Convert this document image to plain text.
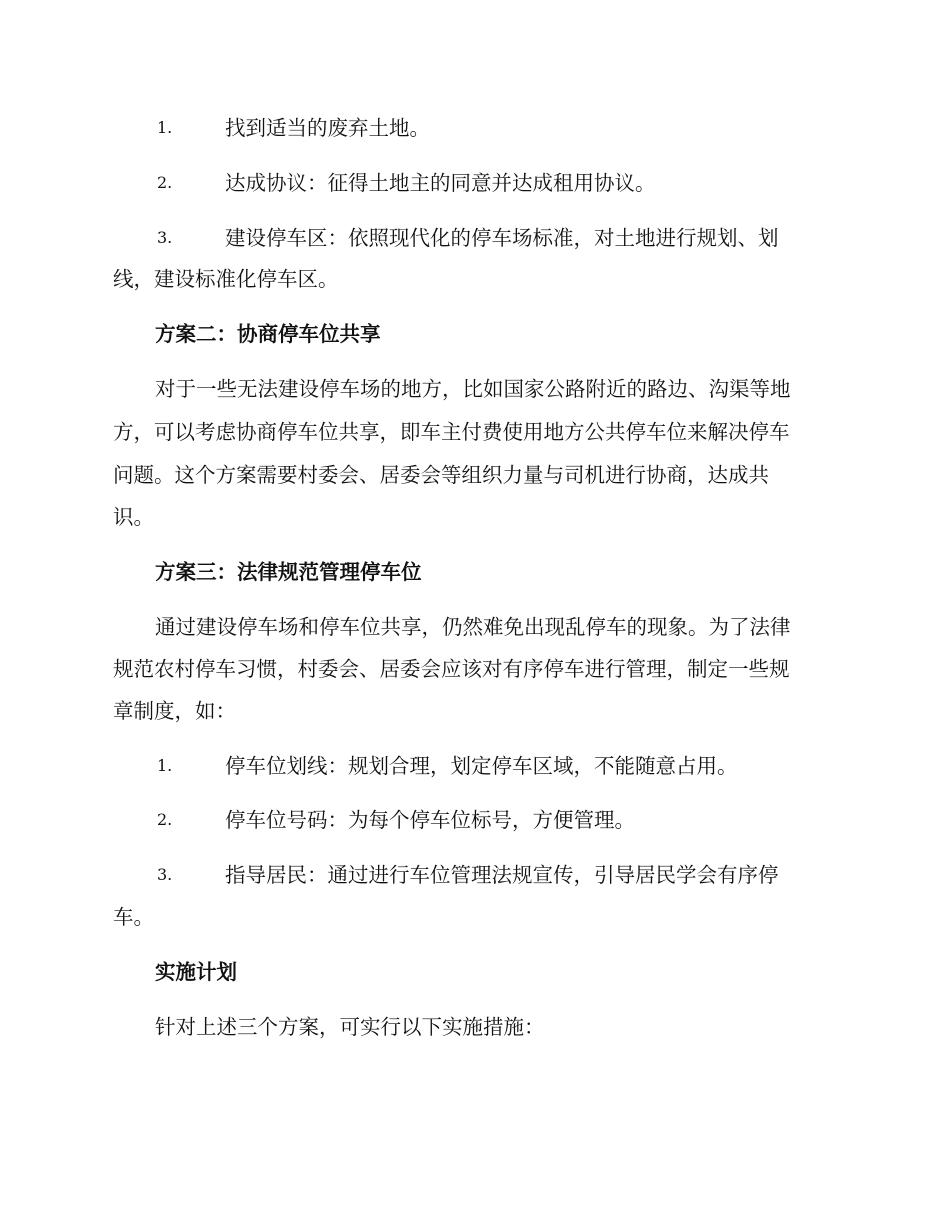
1.	找到适当的废弃土地。
2.	达成协议：征得土地主的同意并达成租用协议。
3.	建设停车区：依照现代化的停车场标准，对土地进行规划、划
线，建设标准化停车区。
方案二：协商停车位共享
对于一些无法建设停车场的地方，比如国家公路附近的路边、沟渠等地
方，可以考虑协商停车位共享，即车主付费使用地方公共停车位来解决停车
问题。这个方案需要村委会、居委会等组织力量与司机进行协商，达成共
识。
方案三：法律规范管理停车位
通过建设停车场和停车位共享，仍然难免出现乱停车的现象。为了法律
规范农村停车习惯，村委会、居委会应该对有序停车进行管理，制定一些规
章制度，如：
1.	停车位划线：规划合理，划定停车区域，不能随意占用。
2.	停车位号码：为每个停车位标号，方便管理。
3.	指导居民：通过进行车位管理法规宣传，引导居民学会有序停
车。
实施计划
针对上述三个方案，可实行以下实施措施：
